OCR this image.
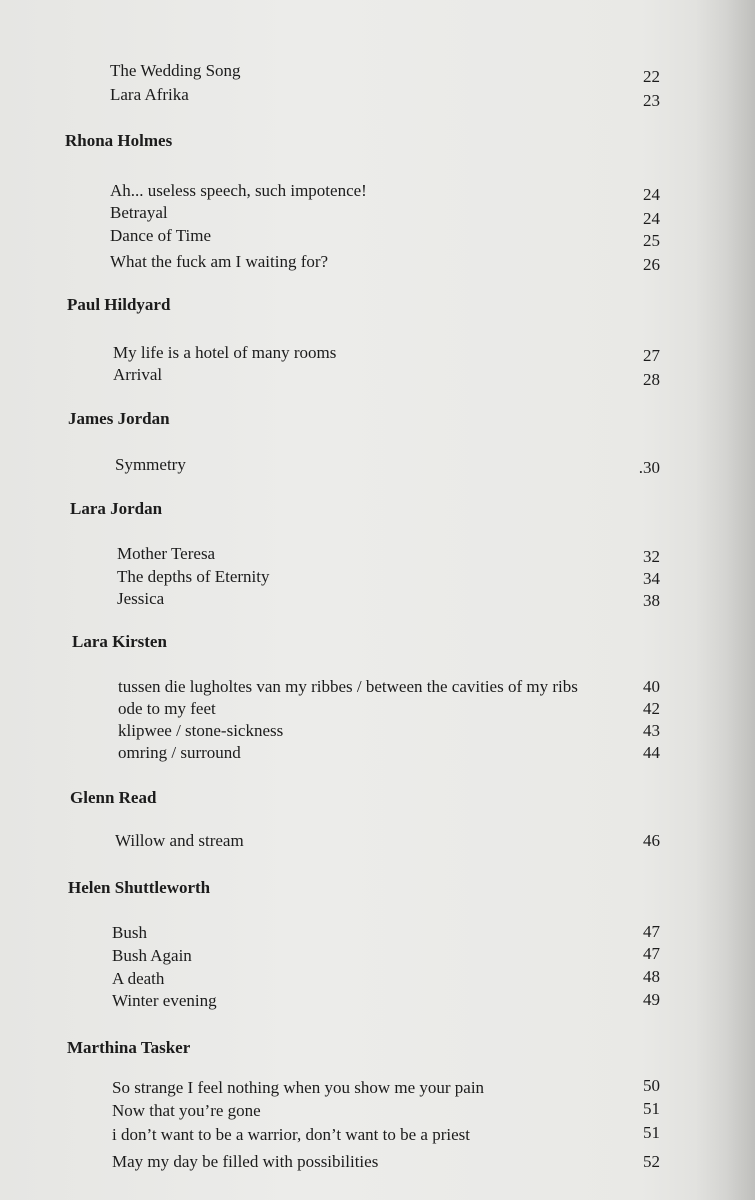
The Wedding Song	22
Lara Afrika	23
Rhona Holmes
Ah... useless speech, such impotence!	24
Betrayal	24
Dance of Time	25
What the fuck am I waiting for?	26
Paul Hildyard
My life is a hotel of many rooms	27
Arrival	28
James Jordan
Symmetry	.30
Lara Jordan
Mother Teresa	32
The depths of Eternity	34
Jessica	38
Lara Kirsten
tussen die lugholtes van my ribbes / between the cavities of my ribs	40
ode to my feet	42
klipwee / stone-sickness	43
omring / surround	44
Glenn Read
Willow and stream	46
Helen Shuttleworth
Bush	47
Bush Again	47
A death	48
Winter evening	49
Marthina Tasker
So strange I feel nothing when you show me your pain	50
Now that you’re gone	51
i don’t want to be a warrior, don’t want to be a priest	51
May my day be filled with possibilities	52
